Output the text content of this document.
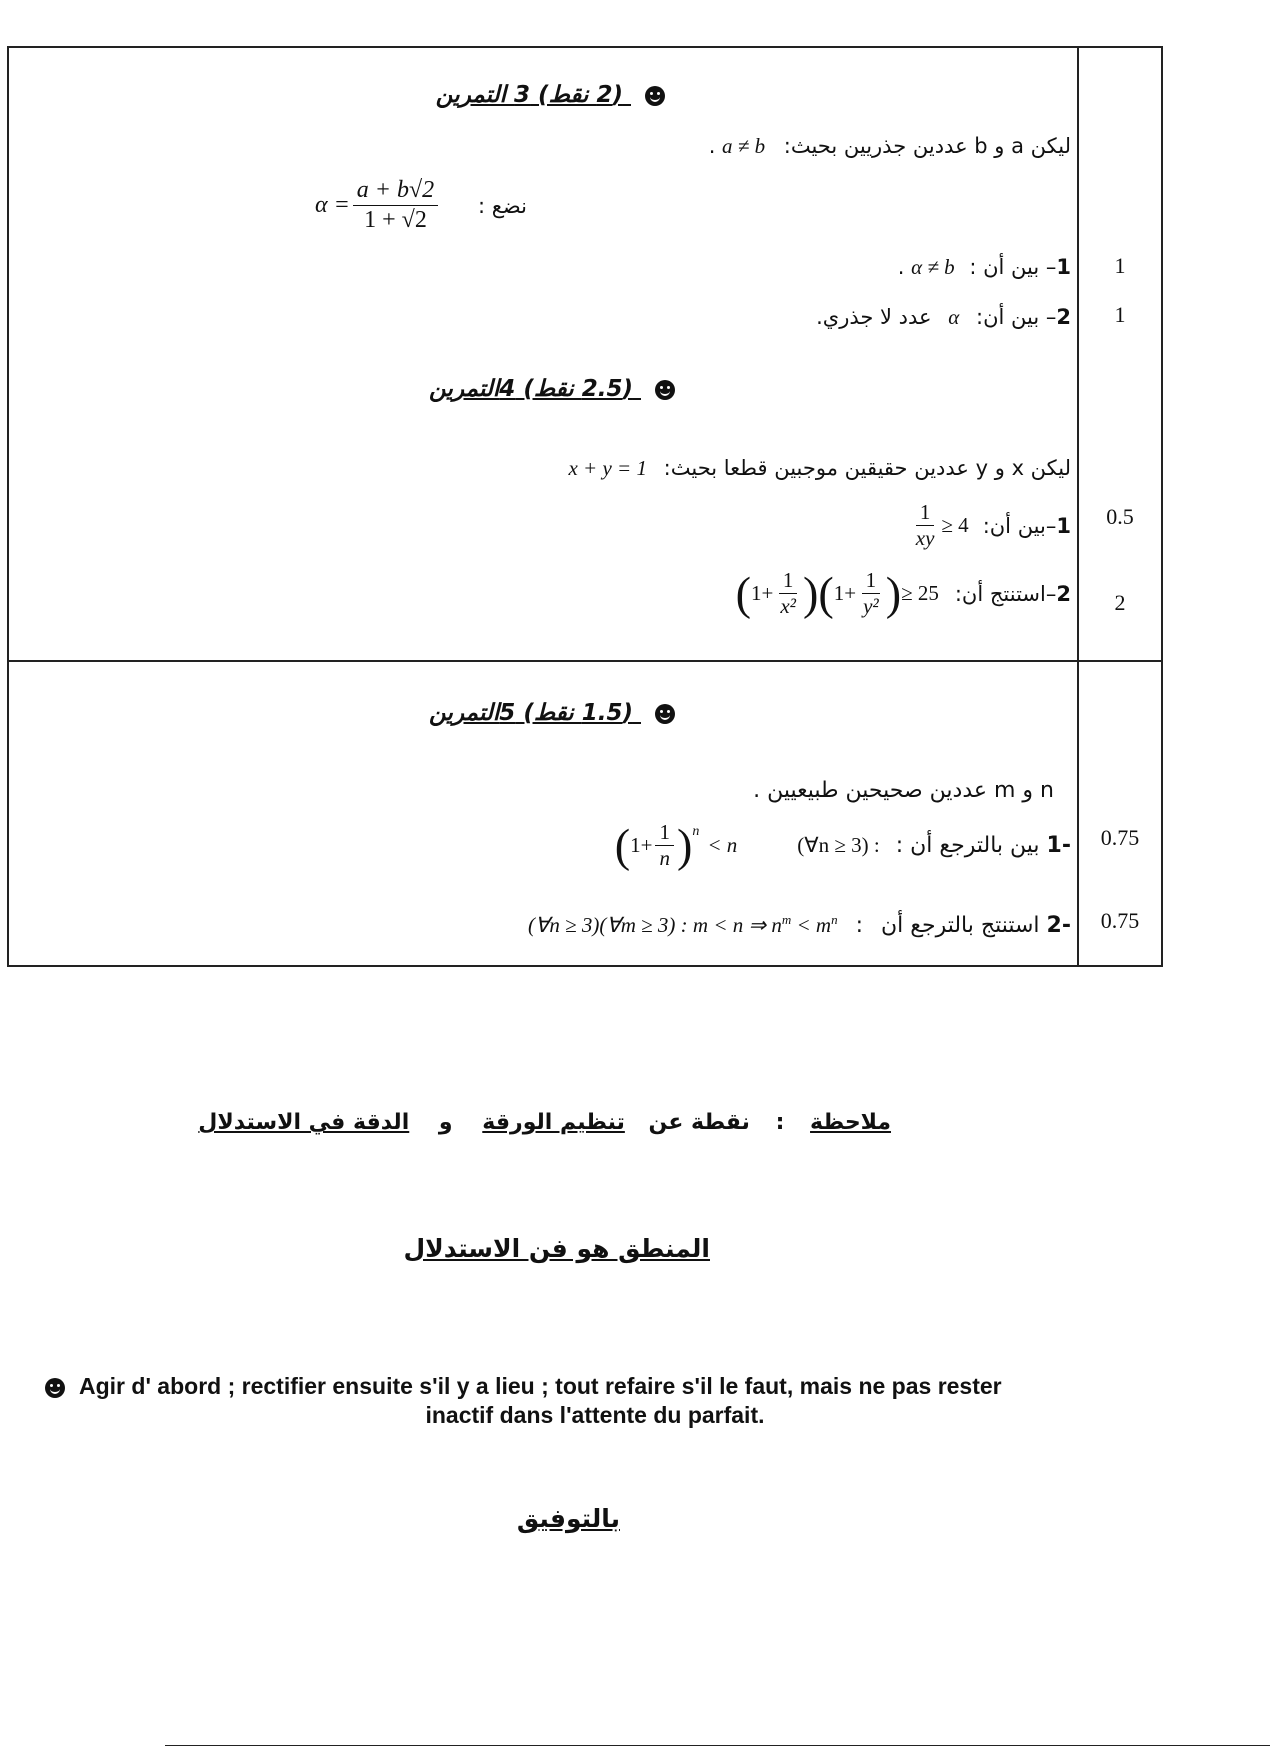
(2 نقط) 3 التمرين
ليكن a و b عددين جذريين بحيث: a ≠ b .
نضع :
$\alpha = \frac{a + b√2}{1 + √2}$
1– بين أن : α ≠ b .	1
2– بين أن: α عدد لا جذري.	1
(2.5 نقط) 4التمرين
ليكن x و y عددين حقيقين موجبين قطعا بحيث: x + y = 1
1
–
بين أن:
$\frac{1}{xy} \ge 4$	0.5
2
–
استنتج أن:
( $1+ \frac{1}{\text{x²}}$ )( $1+ \frac{1}{\text{y²}}$ ) ≥ 25	2
(1.5 نقط) 5التمرين
n و m عددين صحيحين طبيعيين .
-1

بين بالترجع أن :
( $1+ \frac{1}{n} )^n$
< n	(∀n ≥ 3) :	0.75
-2

استنتج بالترجع أن
:
(∀n ≥ 3)(∀m ≥ 3) : m < n ⇒ $n^m < m^n$	0.75
ملاحظة : نقطة عن تنظيم الورقة و الدقة في الاستدلال
المنطق هو فن الاستدلال
Agir d' abord ; rectifier ensuite s'il y a lieu ; tout refaire s'il le faut, mais ne pas rester
inactif dans l'attente du parfait.
بالتوفيق
